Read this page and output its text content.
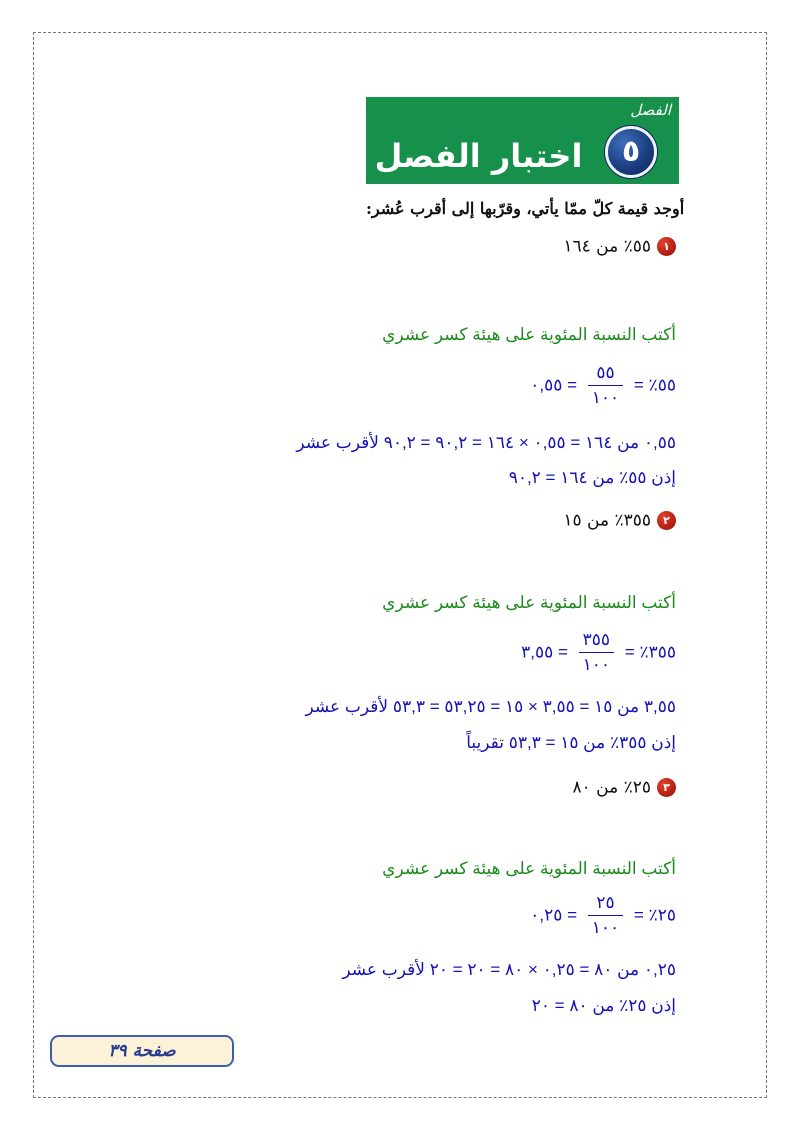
الفصل
٥
اختبار الفصل
أوجد قيمة كلّ ممّا يأتي، وقرّبها إلى أقرب عُشر:
١٥٥٪ من ١٦٤
أكتب النسبة المئوية على هيئة كسر عشري
٥٥٪ =
$\frac{٥٥}{١٠٠}$
= ٠,٥٥
٠,٥٥ من ١٦٤ = ٠,٥٥ × ١٦٤ = ٩٠,٢ = ٩٠,٢ لأقرب عشر
إذن ٥٥٪ من ١٦٤ = ٩٠,٢
٢٣٥٥٪ من ١٥
أكتب النسبة المئوية على هيئة كسر عشري
٣٥٥٪ =
$\frac{٣٥٥}{١٠٠}$
= ٣,٥٥
٣,٥٥ من ١٥ = ٣,٥٥ × ١٥ = ٥٣,٢٥ = ٥٣,٣ لأقرب عشر
إذن ٣٥٥٪ من ١٥ = ٥٣,٣ تقريباً
٣٢٥٪ من ٨٠
أكتب النسبة المئوية على هيئة كسر عشري
٢٥٪ =
$\frac{٢٥}{١٠٠}$
= ٠,٢٥
٠,٢٥ من ٨٠ = ٠,٢٥ × ٨٠ = ٢٠ = ٢٠ لأقرب عشر
إذن ٢٥٪ من ٨٠ = ٢٠
صفحة ٣٩
